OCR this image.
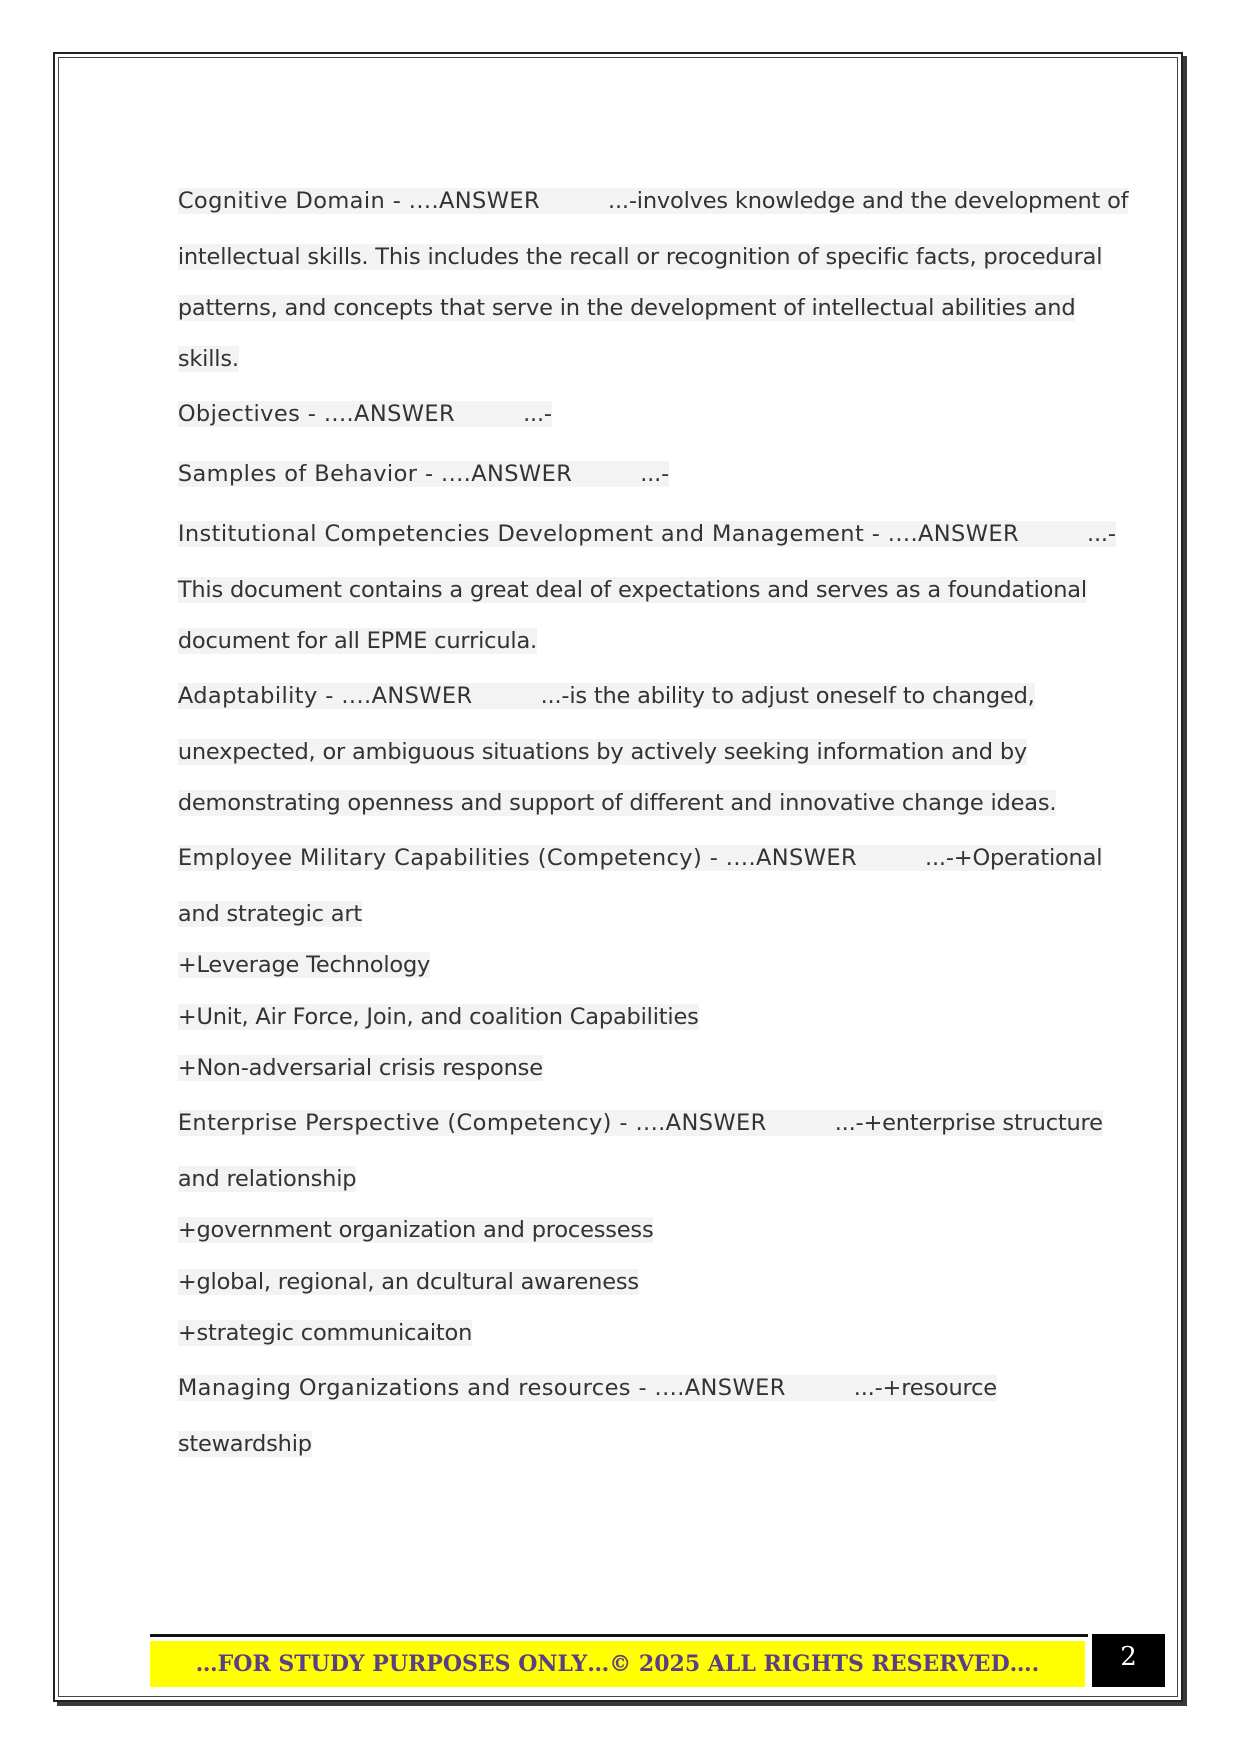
Cognitive Domain - ....ANSWER	...-involves knowledge and the development of

intellectual skills. This includes the recall or recognition of specific facts, procedural

patterns, and concepts that serve in the development of intellectual abilities and

skills.

Objectives - ....ANSWER	...-

Samples of Behavior - ....ANSWER	...-

Institutional Competencies Development and Management - ....ANSWER	...-

This document contains a great deal of expectations and serves as a foundational

document for all EPME curricula.

Adaptability - ....ANSWER	...-is the ability to adjust oneself to changed,

unexpected, or ambiguous situations by actively seeking information and by

demonstrating openness and support of different and innovative change ideas.

Employee Military Capabilities (Competency) - ....ANSWER	...-+Operational

and strategic art

+Leverage Technology

+Unit, Air Force, Join, and coalition Capabilities

+Non-adversarial crisis response

Enterprise Perspective (Competency) - ....ANSWER	...-+enterprise structure

and relationship

+government organization and processess

+global, regional, an dcultural awareness

+strategic communicaiton

Managing Organizations and resources - ....ANSWER	...-+resource

stewardship

…FOR STUDY PURPOSES ONLY…© 2025 ALL RIGHTS RESERVED….	2
